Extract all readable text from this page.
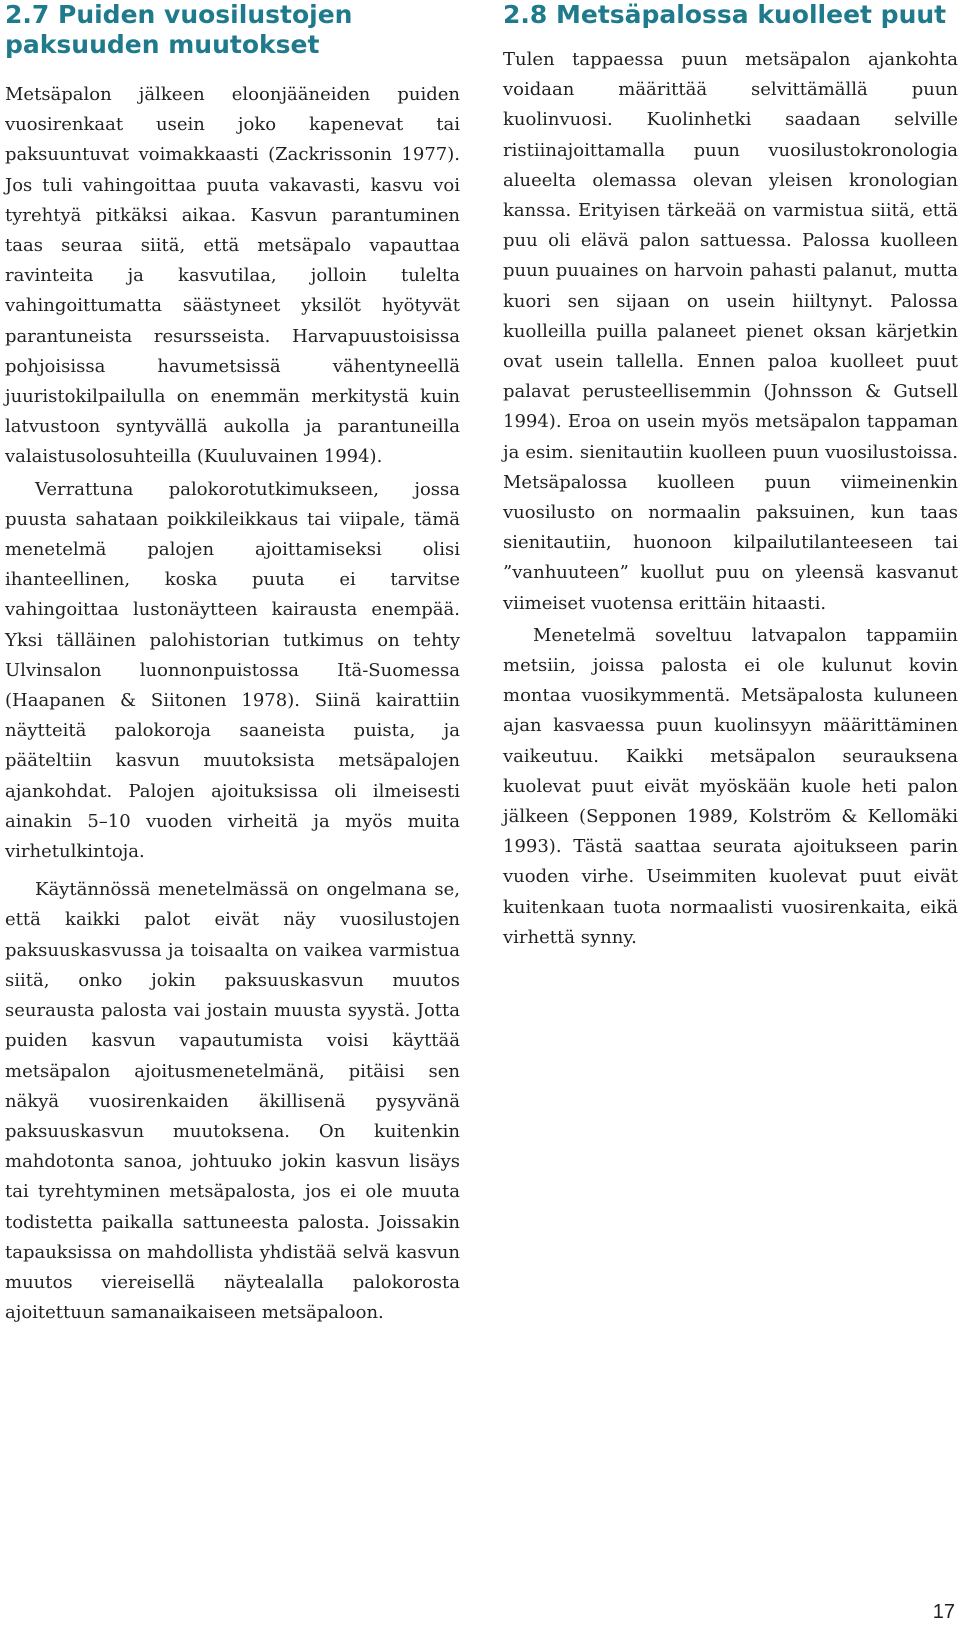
2.7 Puiden vuosilustojen paksuuden muutokset

Metsäpalon jälkeen eloonjääneiden puiden vuosirenkaat usein joko kapenevat tai paksuuntuvat voimakkaasti (Zackrissonin 1977). Jos tuli vahingoittaa puuta vakavasti, kasvu voi tyrehtyä pitkäksi aikaa. Kasvun parantuminen taas seuraa siitä, että metsäpalo vapauttaa ravinteita ja kasvutilaa, jolloin tulelta vahingoittumatta säästyneet yksilöt hyötyvät parantuneista resursseista. Harvapuustoisissa pohjoisissa havumetsissä vähentyneellä juuristokilpailulla on enemmän merkitystä kuin latvustoon syntyvällä aukolla ja parantuneilla valaistusolosuhteilla (Kuuluvainen 1994).

Verrattuna palokorotutkimukseen, jossa puusta sahataan poikkileikkaus tai viipale, tämä menetelmä palojen ajoittamiseksi olisi ihanteellinen, koska puuta ei tarvitse vahingoittaa lustonäytteen kairausta enempää. Yksi tälläinen palohistorian tutkimus on tehty Ulvinsalon luonnonpuistossa Itä-Suomessa (Haapanen & Siitonen 1978). Siinä kairattiin näytteitä palokoroja saaneista puista, ja pääteltiin kasvun muutoksista metsäpalojen ajankohdat. Palojen ajoituksissa oli ilmeisesti ainakin 5–10 vuoden virheitä ja myös muita virhetulkintoja.

Käytännössä menetelmässä on ongelmana se, että kaikki palot eivät näy vuosilustojen paksuuskasvussa ja toisaalta on vaikea varmistua siitä, onko jokin paksuuskasvun muutos seurausta palosta vai jostain muusta syystä. Jotta puiden kasvun vapautumista voisi käyttää metsäpalon ajoitusmenetelmänä, pitäisi sen näkyä vuosirenkaiden äkillisenä pysyvänä paksuuskasvun muutoksena. On kuitenkin mahdotonta sanoa, johtuuko jokin kasvun lisäys tai tyrehtyminen metsäpalosta, jos ei ole muuta todistetta paikalla sattuneesta palosta. Joissakin tapauksissa on mahdollista yhdistää selvä kasvun muutos viereisellä näytealalla palokorosta ajoitettuun samanaikaiseen metsäpaloon.

2.8 Metsäpalossa kuolleet puut

Tulen tappaessa puun metsäpalon ajankohta voidaan määrittää selvittämällä puun kuolinvuosi. Kuolinhetki saadaan selville ristiinajoittamalla puun vuosilustokronologia alueelta olemassa olevan yleisen kronologian kanssa. Erityisen tärkeää on varmistua siitä, että puu oli elävä palon sattuessa. Palossa kuolleen puun puuaines on harvoin pahasti palanut, mutta kuori sen sijaan on usein hiiltynyt. Palossa kuolleilla puilla palaneet pienet oksan kärjetkin ovat usein tallella. Ennen paloa kuolleet puut palavat perusteellisemmin (Johnsson & Gutsell 1994). Eroa on usein myös metsäpalon tappaman ja esim. sienitautiin kuolleen puun vuosilustoissa. Metsäpalossa kuolleen puun viimeinenkin vuosilusto on normaalin paksuinen, kun taas sienitautiin, huonoon kilpailutilanteeseen tai ”vanhuuteen” kuollut puu on yleensä kasvanut viimeiset vuotensa erittäin hitaasti.

Menetelmä soveltuu latvapalon tappamiin metsiin, joissa palosta ei ole kulunut kovin montaa vuosikymmentä. Metsäpalosta kuluneen ajan kasvaessa puun kuolinsyyn määrittäminen vaikeutuu. Kaikki metsäpalon seurauksena kuolevat puut eivät myöskään kuole heti palon jälkeen (Sepponen 1989, Kolström & Kellomäki 1993). Tästä saattaa seurata ajoitukseen parin vuoden virhe. Useimmiten kuolevat puut eivät kuitenkaan tuota normaalisti vuosirenkaita, eikä virhettä synny.

17
